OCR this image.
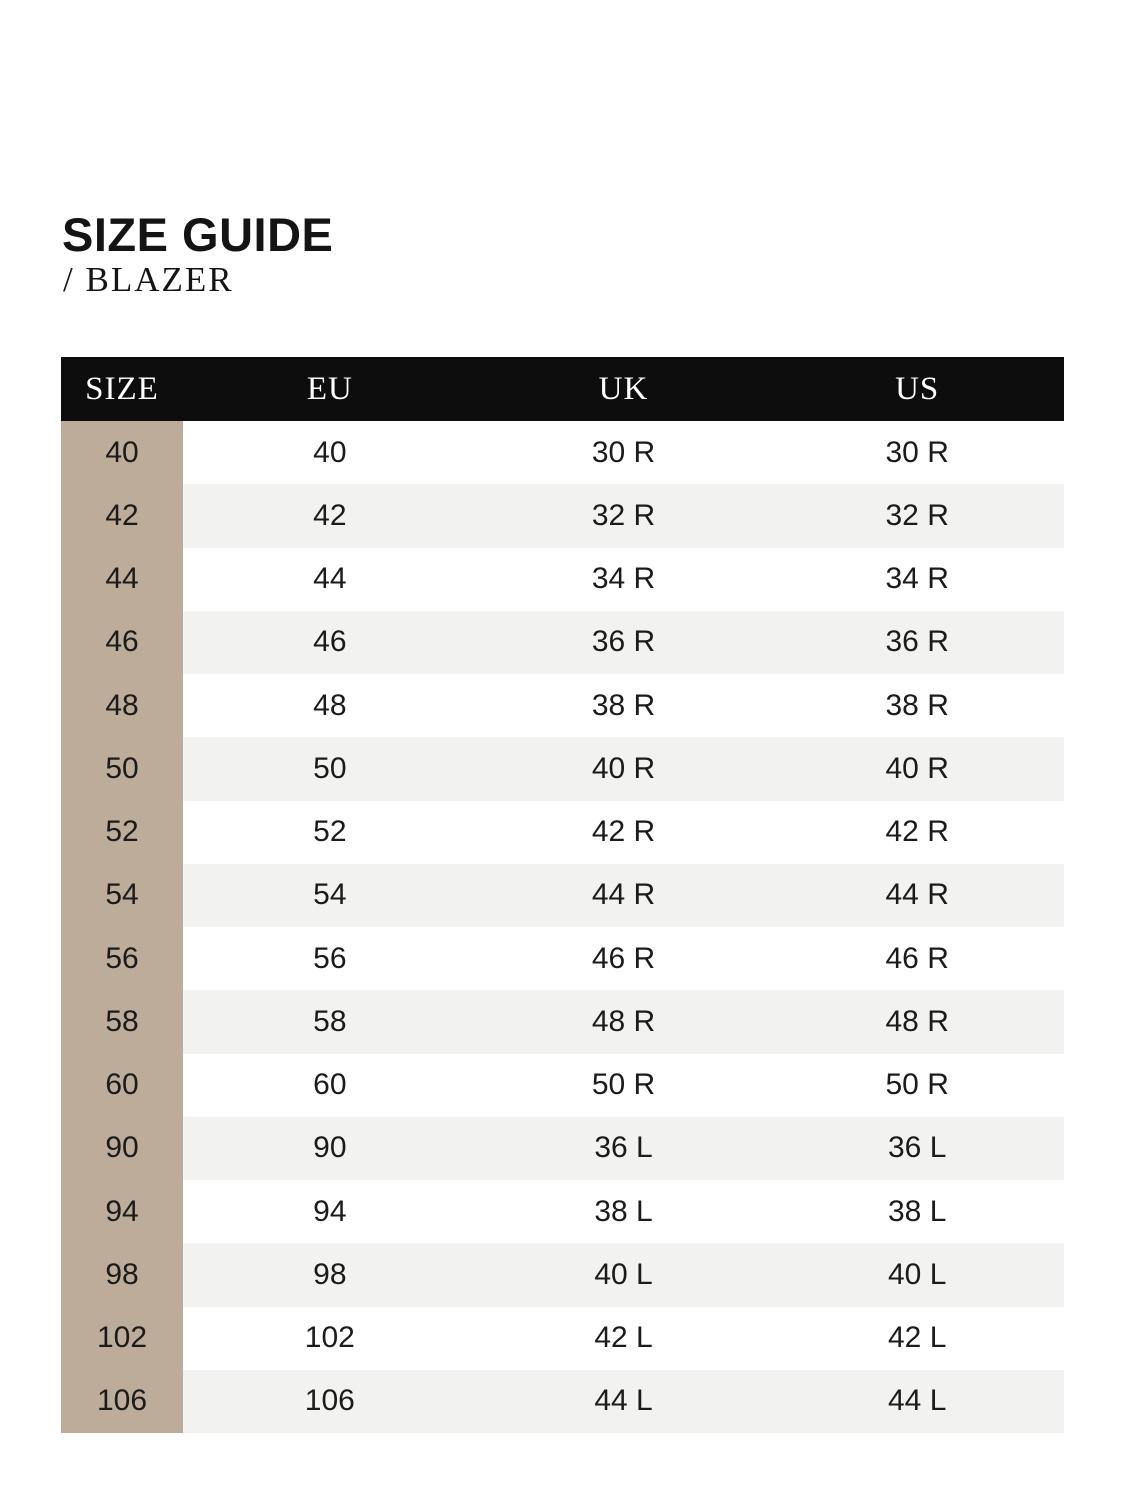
SIZE GUIDE
/ BLAZER
SIZE	EU	UK	US
40	40	30 R	30 R
42	42	32 R	32 R
44	44	34 R	34 R
46	46	36 R	36 R
48	48	38 R	38 R
50	50	40 R	40 R
52	52	42 R	42 R
54	54	44 R	44 R
56	56	46 R	46 R
58	58	48 R	48 R
60	60	50 R	50 R
90	90	36 L	36 L
94	94	38 L	38 L
98	98	40 L	40 L
102	102	42 L	42 L
106	106	44 L	44 L
